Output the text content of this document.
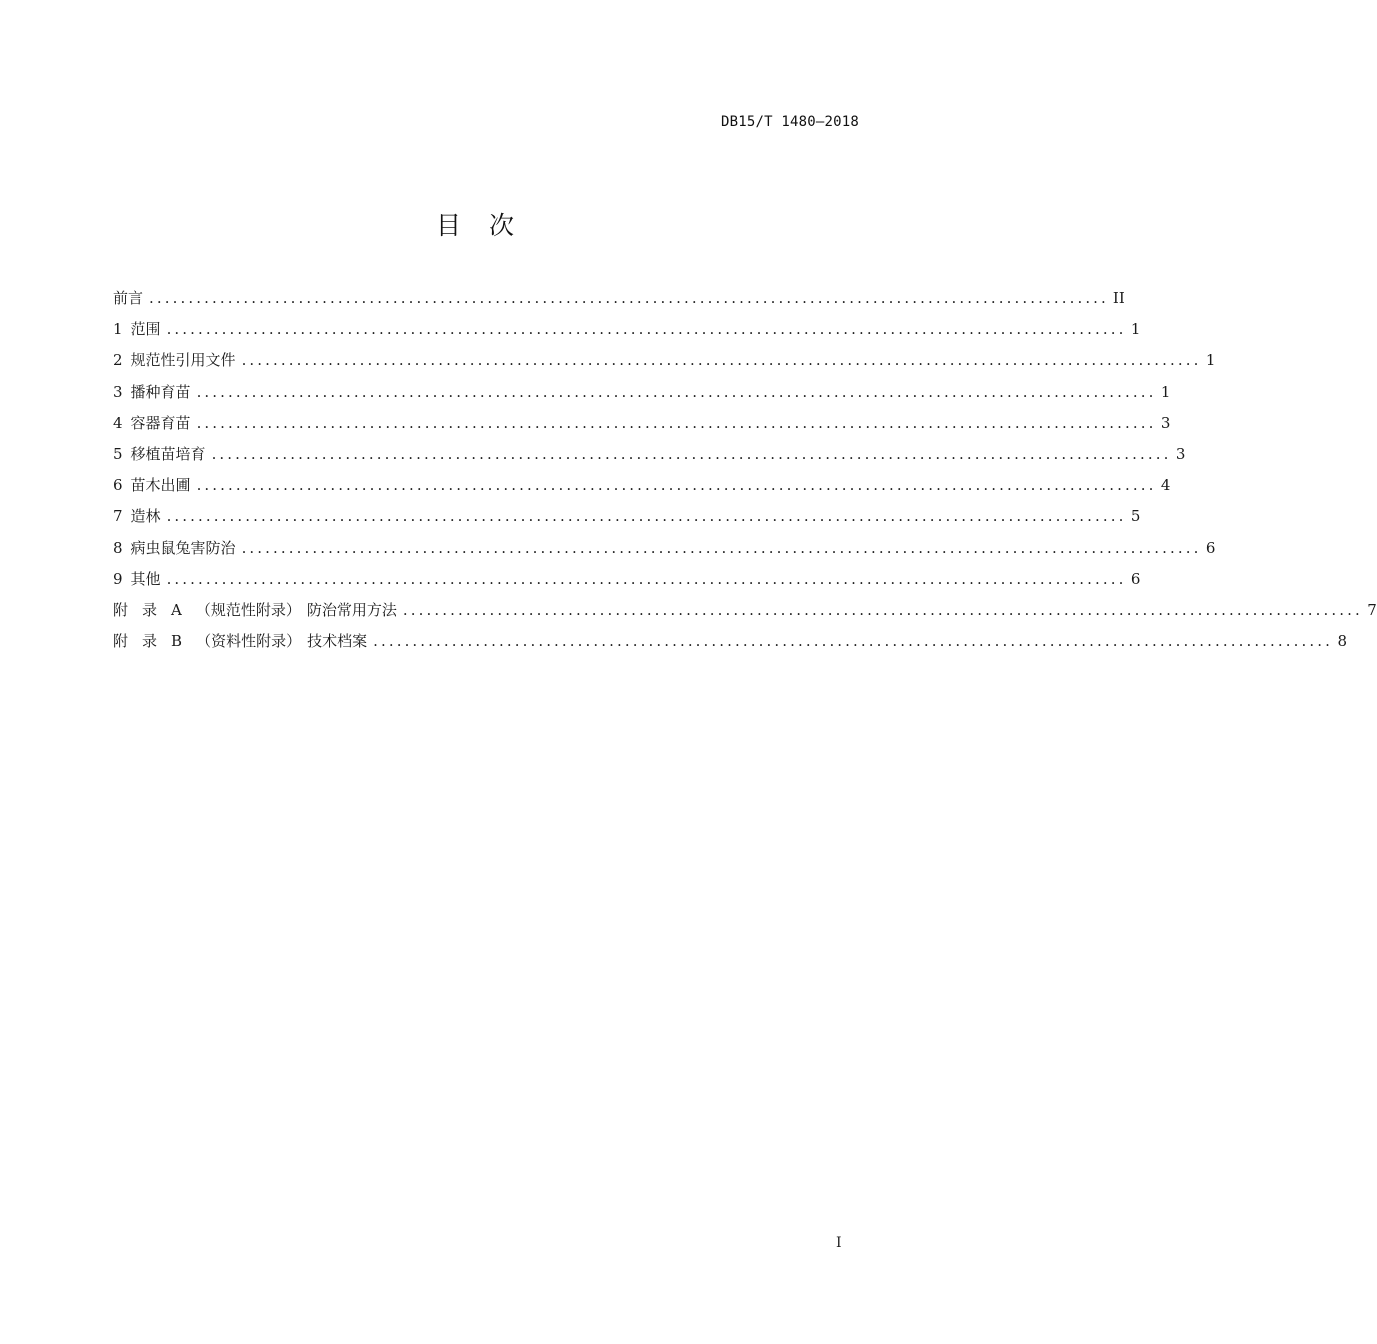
DB15/T 1480—2018
目 次
前言 .......................................................................................................................... II
1 范围 .......................................................................................................................... 1
2 规范性引用文件 .......................................................................................................................... 1
3 播种育苗 .......................................................................................................................... 1
4 容器育苗 .......................................................................................................................... 3
5 移植苗培育 .......................................................................................................................... 3
6 苗木出圃 .......................................................................................................................... 4
7 造林 .......................................................................................................................... 5
8 病虫鼠兔害防治 .......................................................................................................................... 6
9 其他 .......................................................................................................................... 6
附 录 A （规范性附录） 防治常用方法 .......................................................................................................................... 7
附 录 B （资料性附录） 技术档案 .......................................................................................................................... 8
I
